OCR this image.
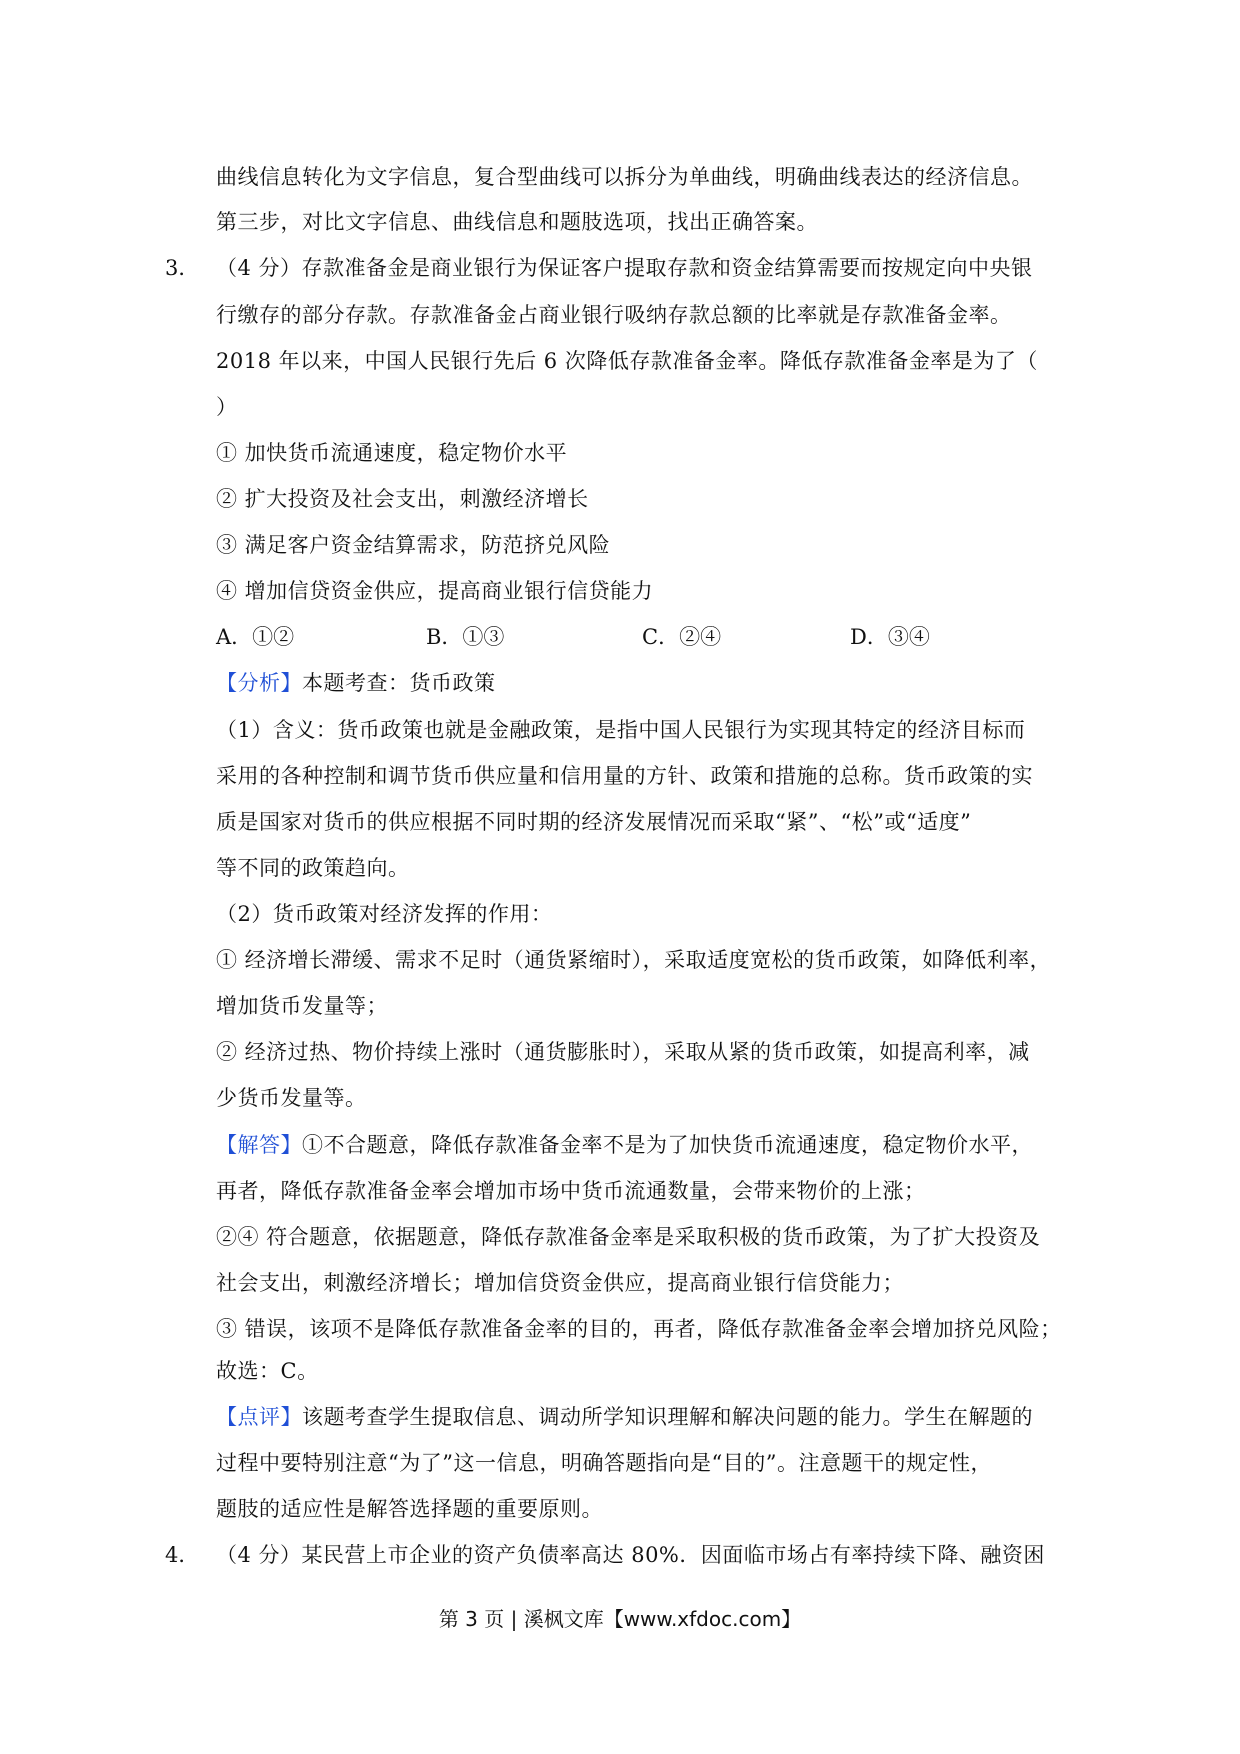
曲线信息转化为文字信息，复合型曲线可以拆分为单曲线，明确曲线表达的经济信息。
第三步，对比文字信息、曲线信息和题肢选项，找出正确答案。
3． （4 分）存款准备金是商业银行为保证客户提取存款和资金结算需要而按规定向中央银
行缴存的部分存款。存款准备金占商业银行吸纳存款总额的比率就是存款准备金率。
2018 年以来，中国人民银行先后 6 次降低存款准备金率。降低存款准备金率是为了（
）
① 加快货币流通速度，稳定物价水平
② 扩大投资及社会支出，刺激经济增长
③ 满足客户资金结算需求，防范挤兑风险
④ 增加信贷资金供应，提高商业银行信贷能力
A．①②	B．①③	C．②④	D．③④
【分析】本题考查：货币政策
（1）含义：货币政策也就是金融政策，是指中国人民银行为实现其特定的经济目标而
采用的各种控制和调节货币供应量和信用量的方针、政策和措施的总称。货币政策的实
质是国家对货币的供应根据不同时期的经济发展情况而采取“紧”、“松”或“适度”
等不同的政策趋向。
（2）货币政策对经济发挥的作用：
① 经济增长滞缓、需求不足时（通货紧缩时），采取适度宽松的货币政策，如降低利率，
增加货币发量等；
② 经济过热、物价持续上涨时（通货膨胀时），采取从紧的货币政策，如提高利率，减
少货币发量等。
【解答】①不合题意，降低存款准备金率不是为了加快货币流通速度，稳定物价水平，
再者，降低存款准备金率会增加市场中货币流通数量，会带来物价的上涨；
②④ 符合题意，依据题意，降低存款准备金率是采取积极的货币政策，为了扩大投资及
社会支出，刺激经济增长；增加信贷资金供应，提高商业银行信贷能力；
③ 错误，该项不是降低存款准备金率的目的，再者，降低存款准备金率会增加挤兑风险；
故选：C。
【点评】该题考查学生提取信息、调动所学知识理解和解决问题的能力。学生在解题的
过程中要特别注意“为了”这一信息，明确答题指向是“目的”。注意题干的规定性，
题肢的适应性是解答选择题的重要原则。
4． （4 分）某民营上市企业的资产负债率高达 80%．因面临市场占有率持续下降、融资困
第 3 页 | 溪枫文库【www.xfdoc.com】
